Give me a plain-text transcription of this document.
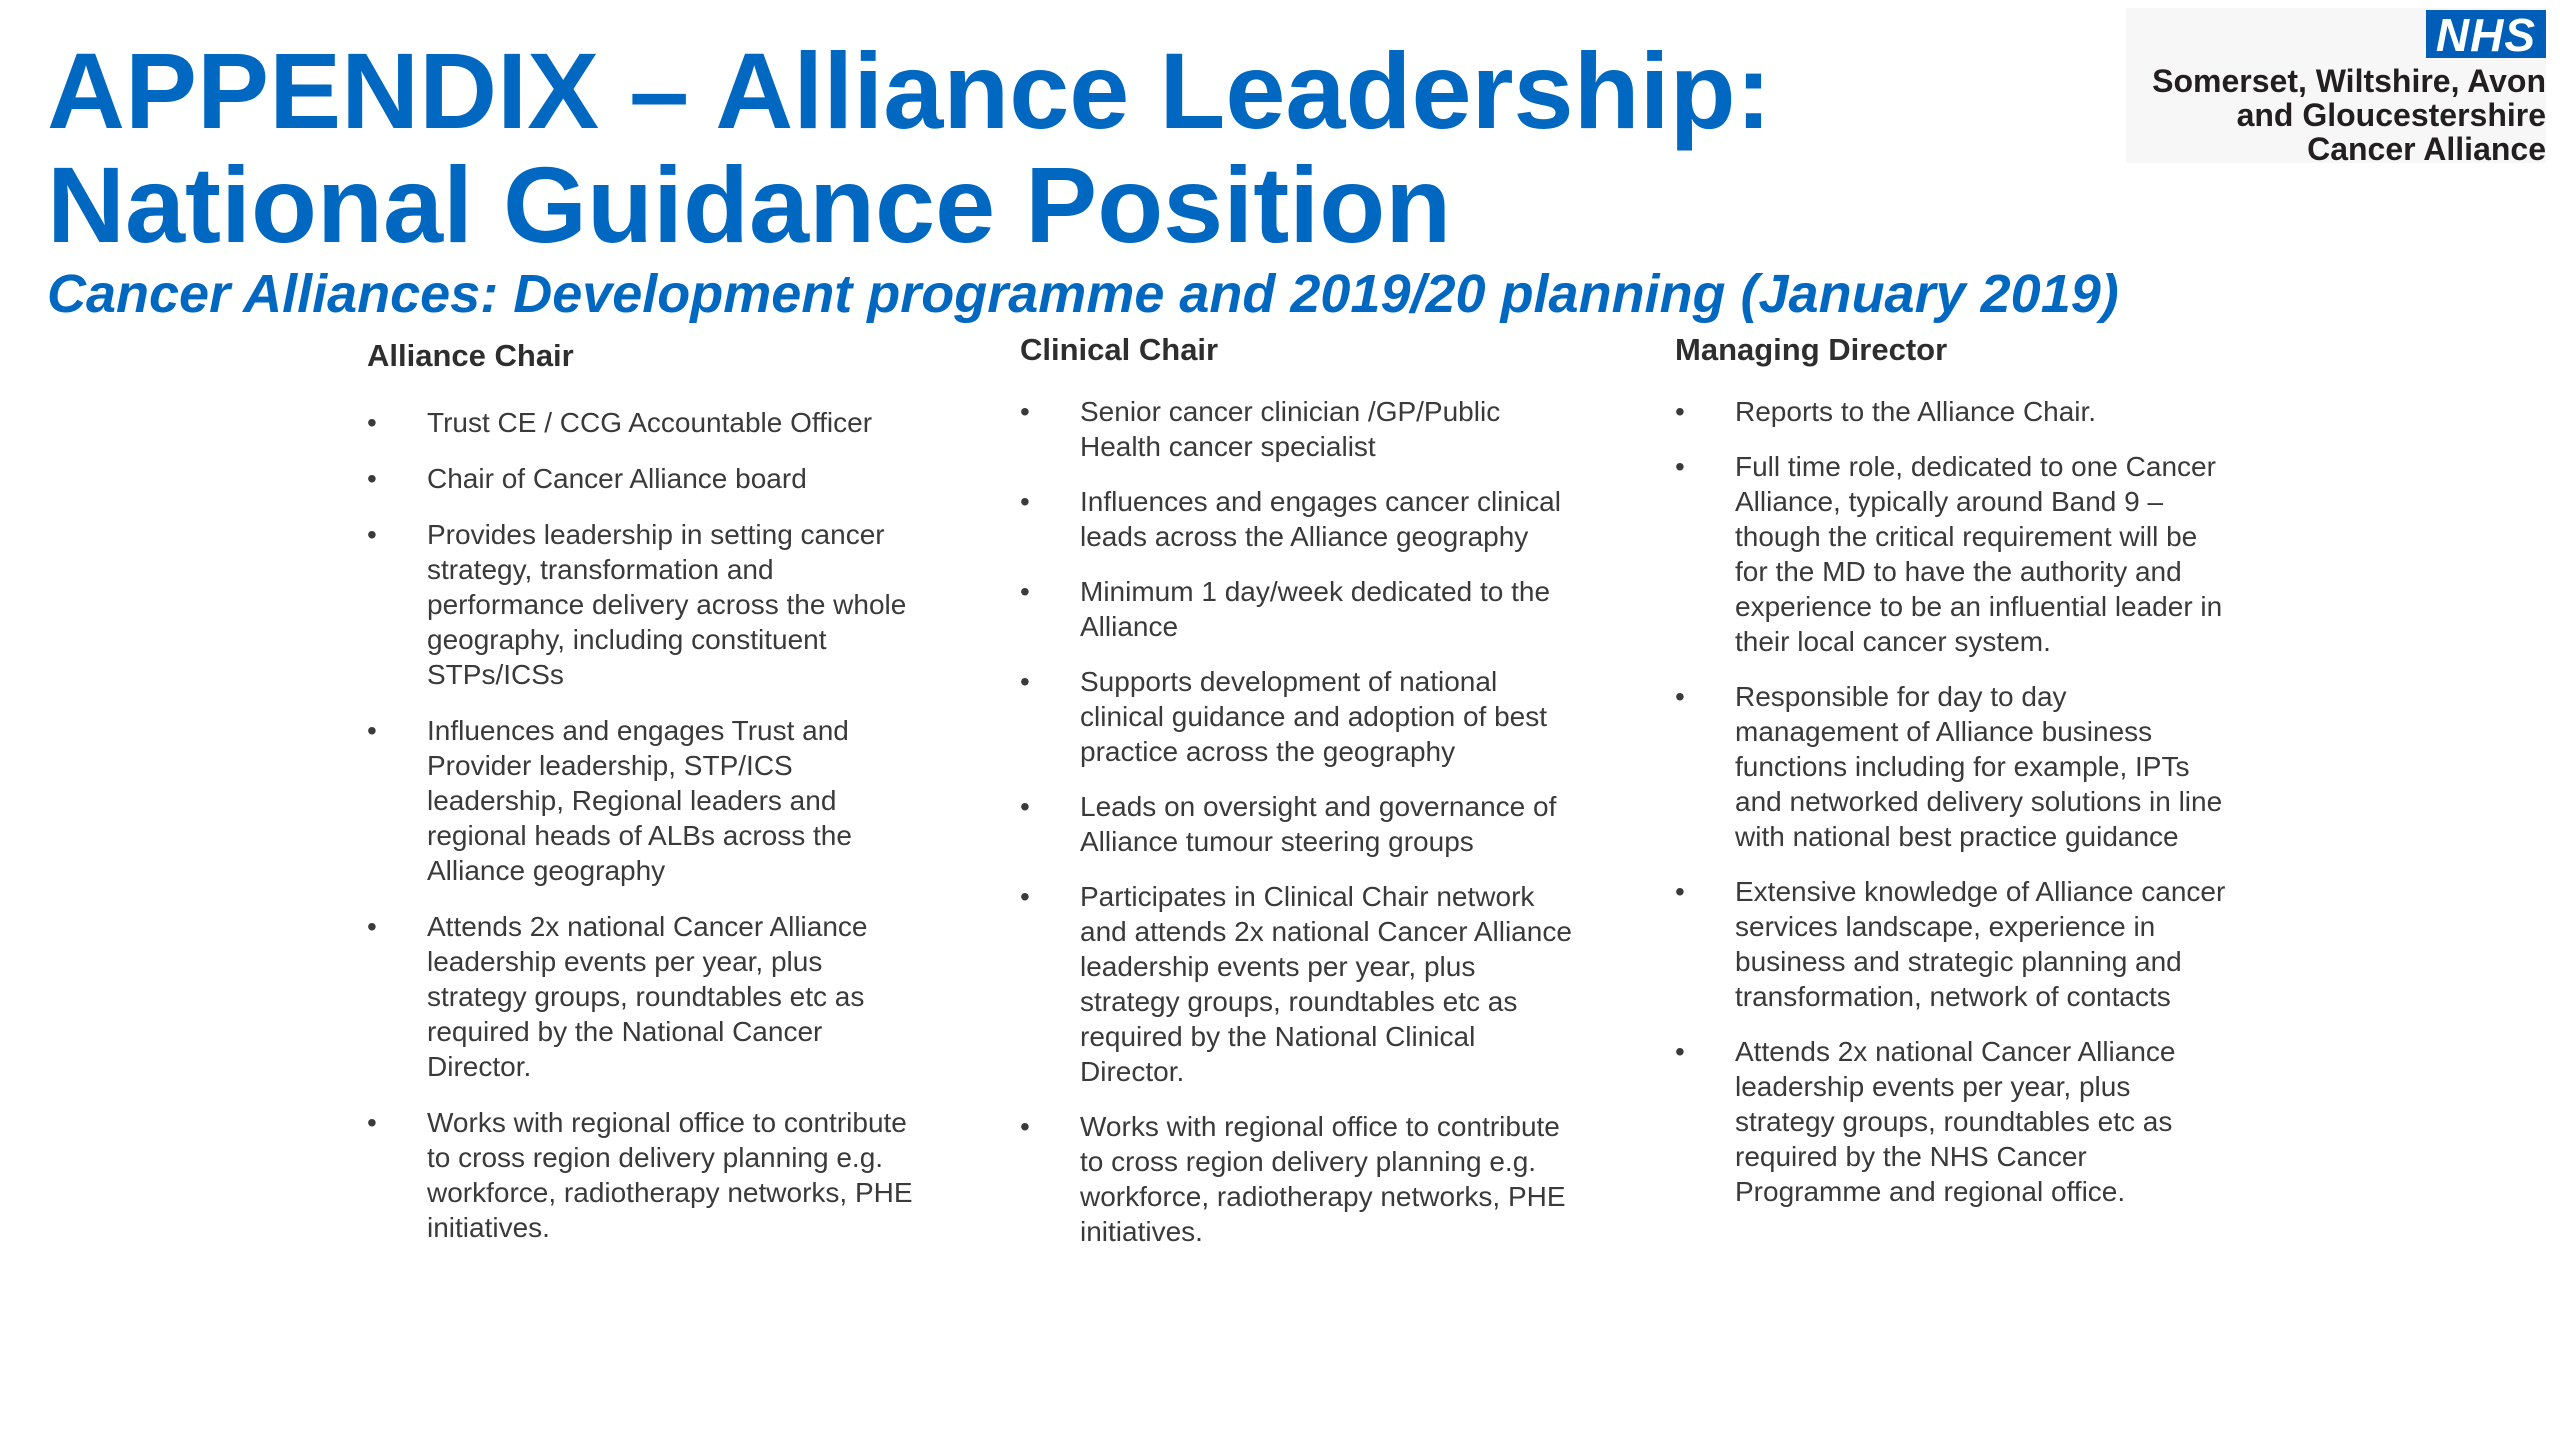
APPENDIX – Alliance Leadership: National Guidance Position
Cancer Alliances: Development programme and 2019/20 planning (January 2019)
NHS
Somerset, Wiltshire, Avon
and Gloucestershire
Cancer Alliance
Alliance Chair
•	Trust CE / CCG Accountable Officer
•	Chair of Cancer Alliance board
•	Provides leadership in setting cancer strategy, transformation and performance delivery across the whole geography, including constituent STPs/ICSs
•	Influences and engages Trust and Provider leadership, STP/ICS leadership, Regional leaders and regional heads of ALBs across the Alliance geography
•	Attends 2x national Cancer Alliance leadership events per year, plus strategy groups, roundtables etc as required by the National Cancer Director.
•	Works with regional office to contribute to cross region delivery planning e.g. workforce, radiotherapy networks, PHE initiatives.
Clinical Chair
•	Senior cancer clinician /GP/Public Health cancer specialist
•	Influences and engages cancer clinical leads across the Alliance geography
•	Minimum 1 day/week dedicated to the Alliance
•	Supports development of national clinical guidance and adoption of best practice across the geography
•	Leads on oversight and governance of Alliance tumour steering groups
•	Participates in Clinical Chair network and attends 2x national Cancer Alliance leadership events per year, plus strategy groups, roundtables etc as required by the National Clinical Director.
•	Works with regional office to contribute to cross region delivery planning e.g. workforce, radiotherapy networks, PHE initiatives.
Managing Director
•	Reports to the Alliance Chair.
•	Full time role, dedicated to one Cancer Alliance, typically around Band 9 –though the critical requirement will be for the MD to have the authority and experience to be an influential leader in their local cancer system.
•	Responsible for day to day management of Alliance business functions including for example, IPTs and networked delivery solutions in line with national best practice guidance
•	Extensive knowledge of Alliance cancer services landscape, experience in business and strategic planning and transformation, network of contacts
•	Attends 2x national Cancer Alliance leadership events per year, plus strategy groups, roundtables etc as required by the NHS Cancer Programme and regional office.
